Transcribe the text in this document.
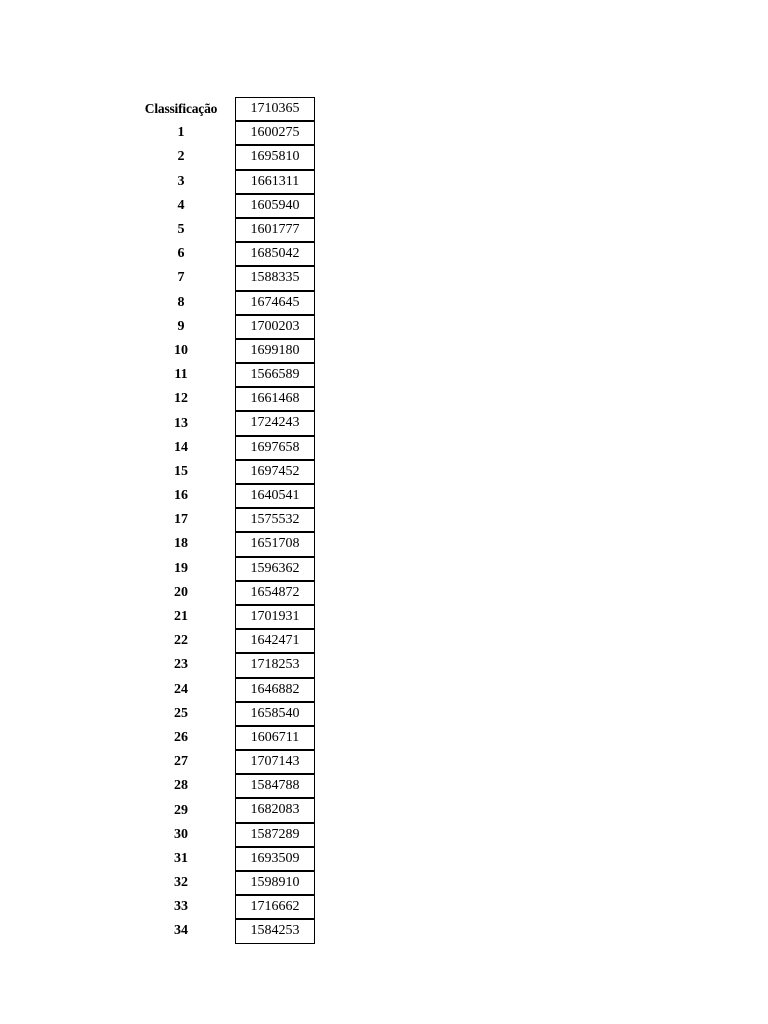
Classificação	1710365
1	1600275
2	1695810
3	1661311
4	1605940
5	1601777
6	1685042
7	1588335
8	1674645
9	1700203
10	1699180
11	1566589
12	1661468
13	1724243
14	1697658
15	1697452
16	1640541
17	1575532
18	1651708
19	1596362
20	1654872
21	1701931
22	1642471
23	1718253
24	1646882
25	1658540
26	1606711
27	1707143
28	1584788
29	1682083
30	1587289
31	1693509
32	1598910
33	1716662
34	1584253
